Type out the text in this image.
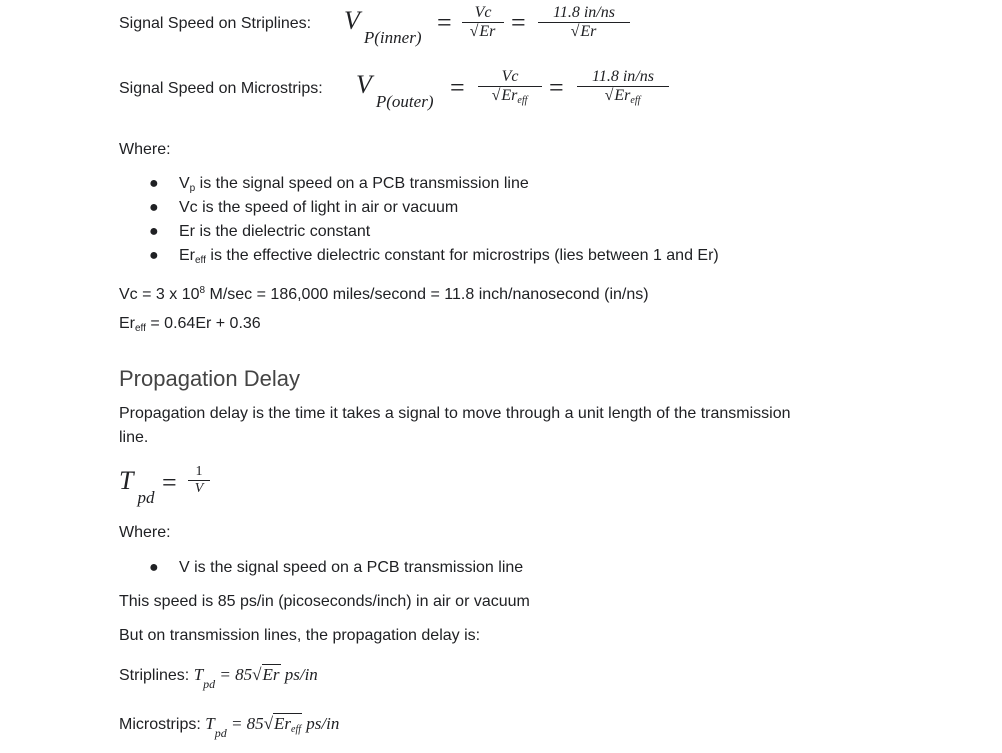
Signal Speed on Striplines: V P(inner)
=	Vc
√Er =	11.8 in/ns
√Er
Signal Speed on Microstrips: V P(outer) =	Vc
$√Er_{eff}$ =	11.8 in/ns
$√Er_{eff}$
Where:
● $V_p$ is the signal speed on a PCB transmission line
● Vc is the speed of light in air or vacuum
● Er is the dielectric constant
● $Er_{eff}$ is the effective dielectric constant for microstrips (lies between 1 and Er)
Vc = 3 x $10^8$ M/sec = 186,000 miles/second = 11.8 inch/nanosecond (in/ns)
$Er_{eff} = 0.64Er + 0.36$
Propagation Delay
Propagation delay is the time it takes a signal to move through a unit length of the transmission
line.
T pd
=	1
V
Where:
● V is the signal speed on a PCB transmission line
This speed is 85 ps/in (picoseconds/inch) in air or vacuum
But on transmission lines, the propagation delay is:
Striplines: $T_{pd} = 85√Er$ ps/in
Microstrips: $T_{pd} = 85√Er_{eff}$ ps/in
